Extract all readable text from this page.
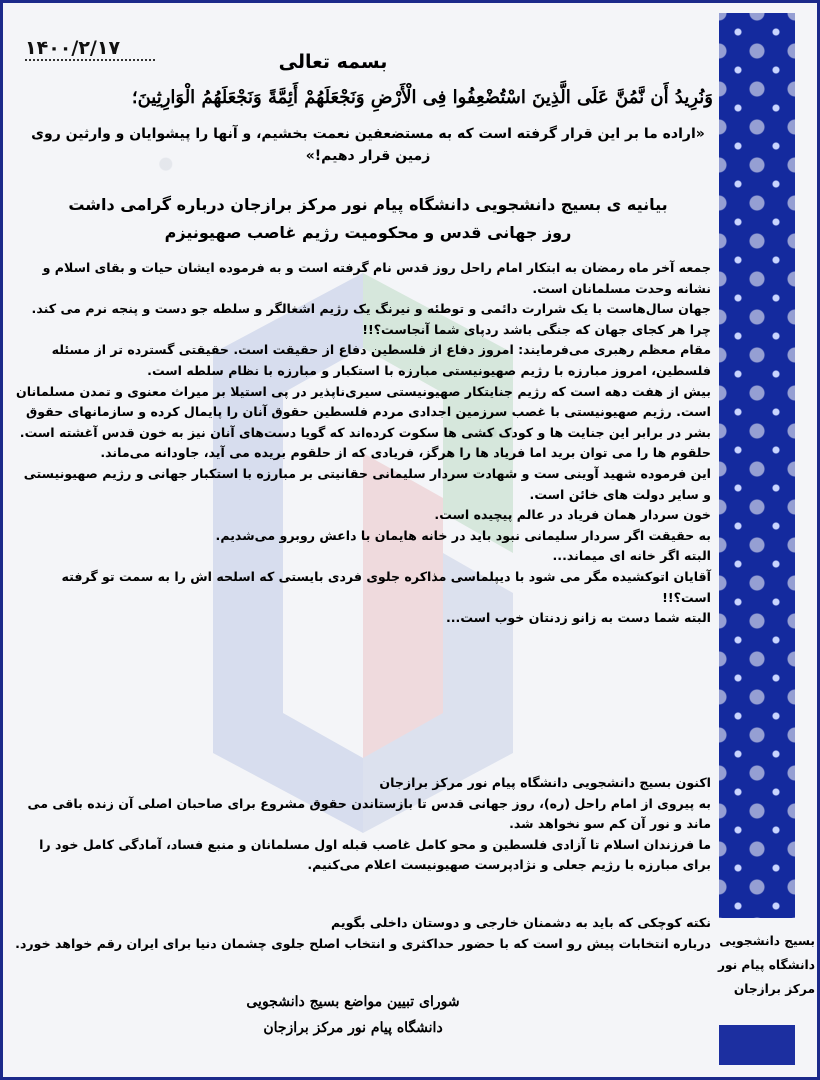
۱۴۰۰/۲/۱۷
بسمه تعالی
وَنُرِیدُ أَن نَّمُنَّ عَلَى الَّذِینَ اسْتُضْعِفُوا فِی الْأَرْضِ وَنَجْعَلَهُمْ أَئِمَّةً وَنَجْعَلَهُمُ الْوَارِثِینَ؛
«اراده ما بر این قرار گرفته است که به مستضعفین نعمت بخشیم، و آنها را پیشوایان و وارثین روی زمین قرار دهیم!»
بیانیه ی بسیج دانشجویی دانشگاه پیام نور مرکز برازجان درباره گرامی داشت
روز جهانی قدس و محکومیت رژیم غاصب صهیونیزم

جمعه آخر ماه رمضان به ابتکار امام راحل روز قدس نام گرفته است و به فرموده ایشان حیات و بقای اسلام و نشانه وحدت مسلمانان است.

جهان سال‌هاست با یک شرارت دائمی و توطئه و نیرنگ یک رژیم اشغالگر و سلطه جو دست و پنجه نرم می کند.

چرا هر کجای جهان که جنگی باشد ردپای شما آنجاست؟!!

مقام معظم رهبری می‌فرمایند: امروز دفاع از فلسطین دفاع از حقیقت است. حقیقتی گسترده تر از مسئله فلسطین، امروز مبارزه با رژیم صهیونیستی مبارزه با استکبار و مبارزه با نظام سلطه است.

بیش از هفت دهه است که رژیم جنایتکار صهیونیستی سیری‌ناپذیر در پی استیلا بر میراث معنوی و تمدن مسلمانان است. رژیم صهیونیستی با غصب سرزمین اجدادی مردم فلسطین حقوق آنان را پایمال کرده و سازمانهای حقوق بشر در برابر این جنایت ها و کودک کشی ها سکوت کرده‌اند که گویا دست‌های آنان نیز به خون قدس آغشته است.

حلقوم ها را می توان برید اما فریاد ها را هرگز، فریادی که از حلقوم بریده می آید، جاودانه می‌ماند.

این فرموده شهید آوینی ست و شهادت سردار سلیمانی حقانیتی بر مبارزه با استکبار جهانی و رژیم صهیونیستی و سایر دولت های خائن است.

خون سردار همان فریاد در عالم پیچیده است.

به حقیقت اگر سردار سلیمانی نبود باید در خانه هایمان با داعش روبرو می‌شدیم.

البته اگر خانه ای میماند...

آقایان اتوکشیده مگر می شود با دیپلماسی مذاکره جلوی فردی بایستی که اسلحه اش را به سمت تو گرفته است؟!!

البته شما دست به زانو زدنتان خوب است...

اکنون بسیج دانشجویی دانشگاه پیام نور مرکز برازجان

به پیروی از امام راحل (ره)، روز جهانی قدس تا بازستاندن حقوق مشروع برای صاحبان اصلی آن زنده باقی می ماند و نور آن کم سو نخواهد شد.

ما فرزندان اسلام تا آزادی فلسطین و محو کامل غاصب قبله اول مسلمانان و منبع فساد، آمادگی کامل خود را برای مبارزه با رژیم جعلی و نژادپرست صهیونیست اعلام می‌کنیم.

نکته کوچکی که باید به دشمنان خارجی و دوستان داخلی بگویم

درباره انتخابات پیش رو است که با حضور حداکثری و انتخاب اصلح جلوی چشمان دنیا برای ایران رقم خواهد خورد. بسیج دانشجویی
دانشگاه پیام نور
مرکز برازجان
شورای تبیین مواضع بسیج دانشجویی
دانشگاه پیام نور مرکز برازجان
